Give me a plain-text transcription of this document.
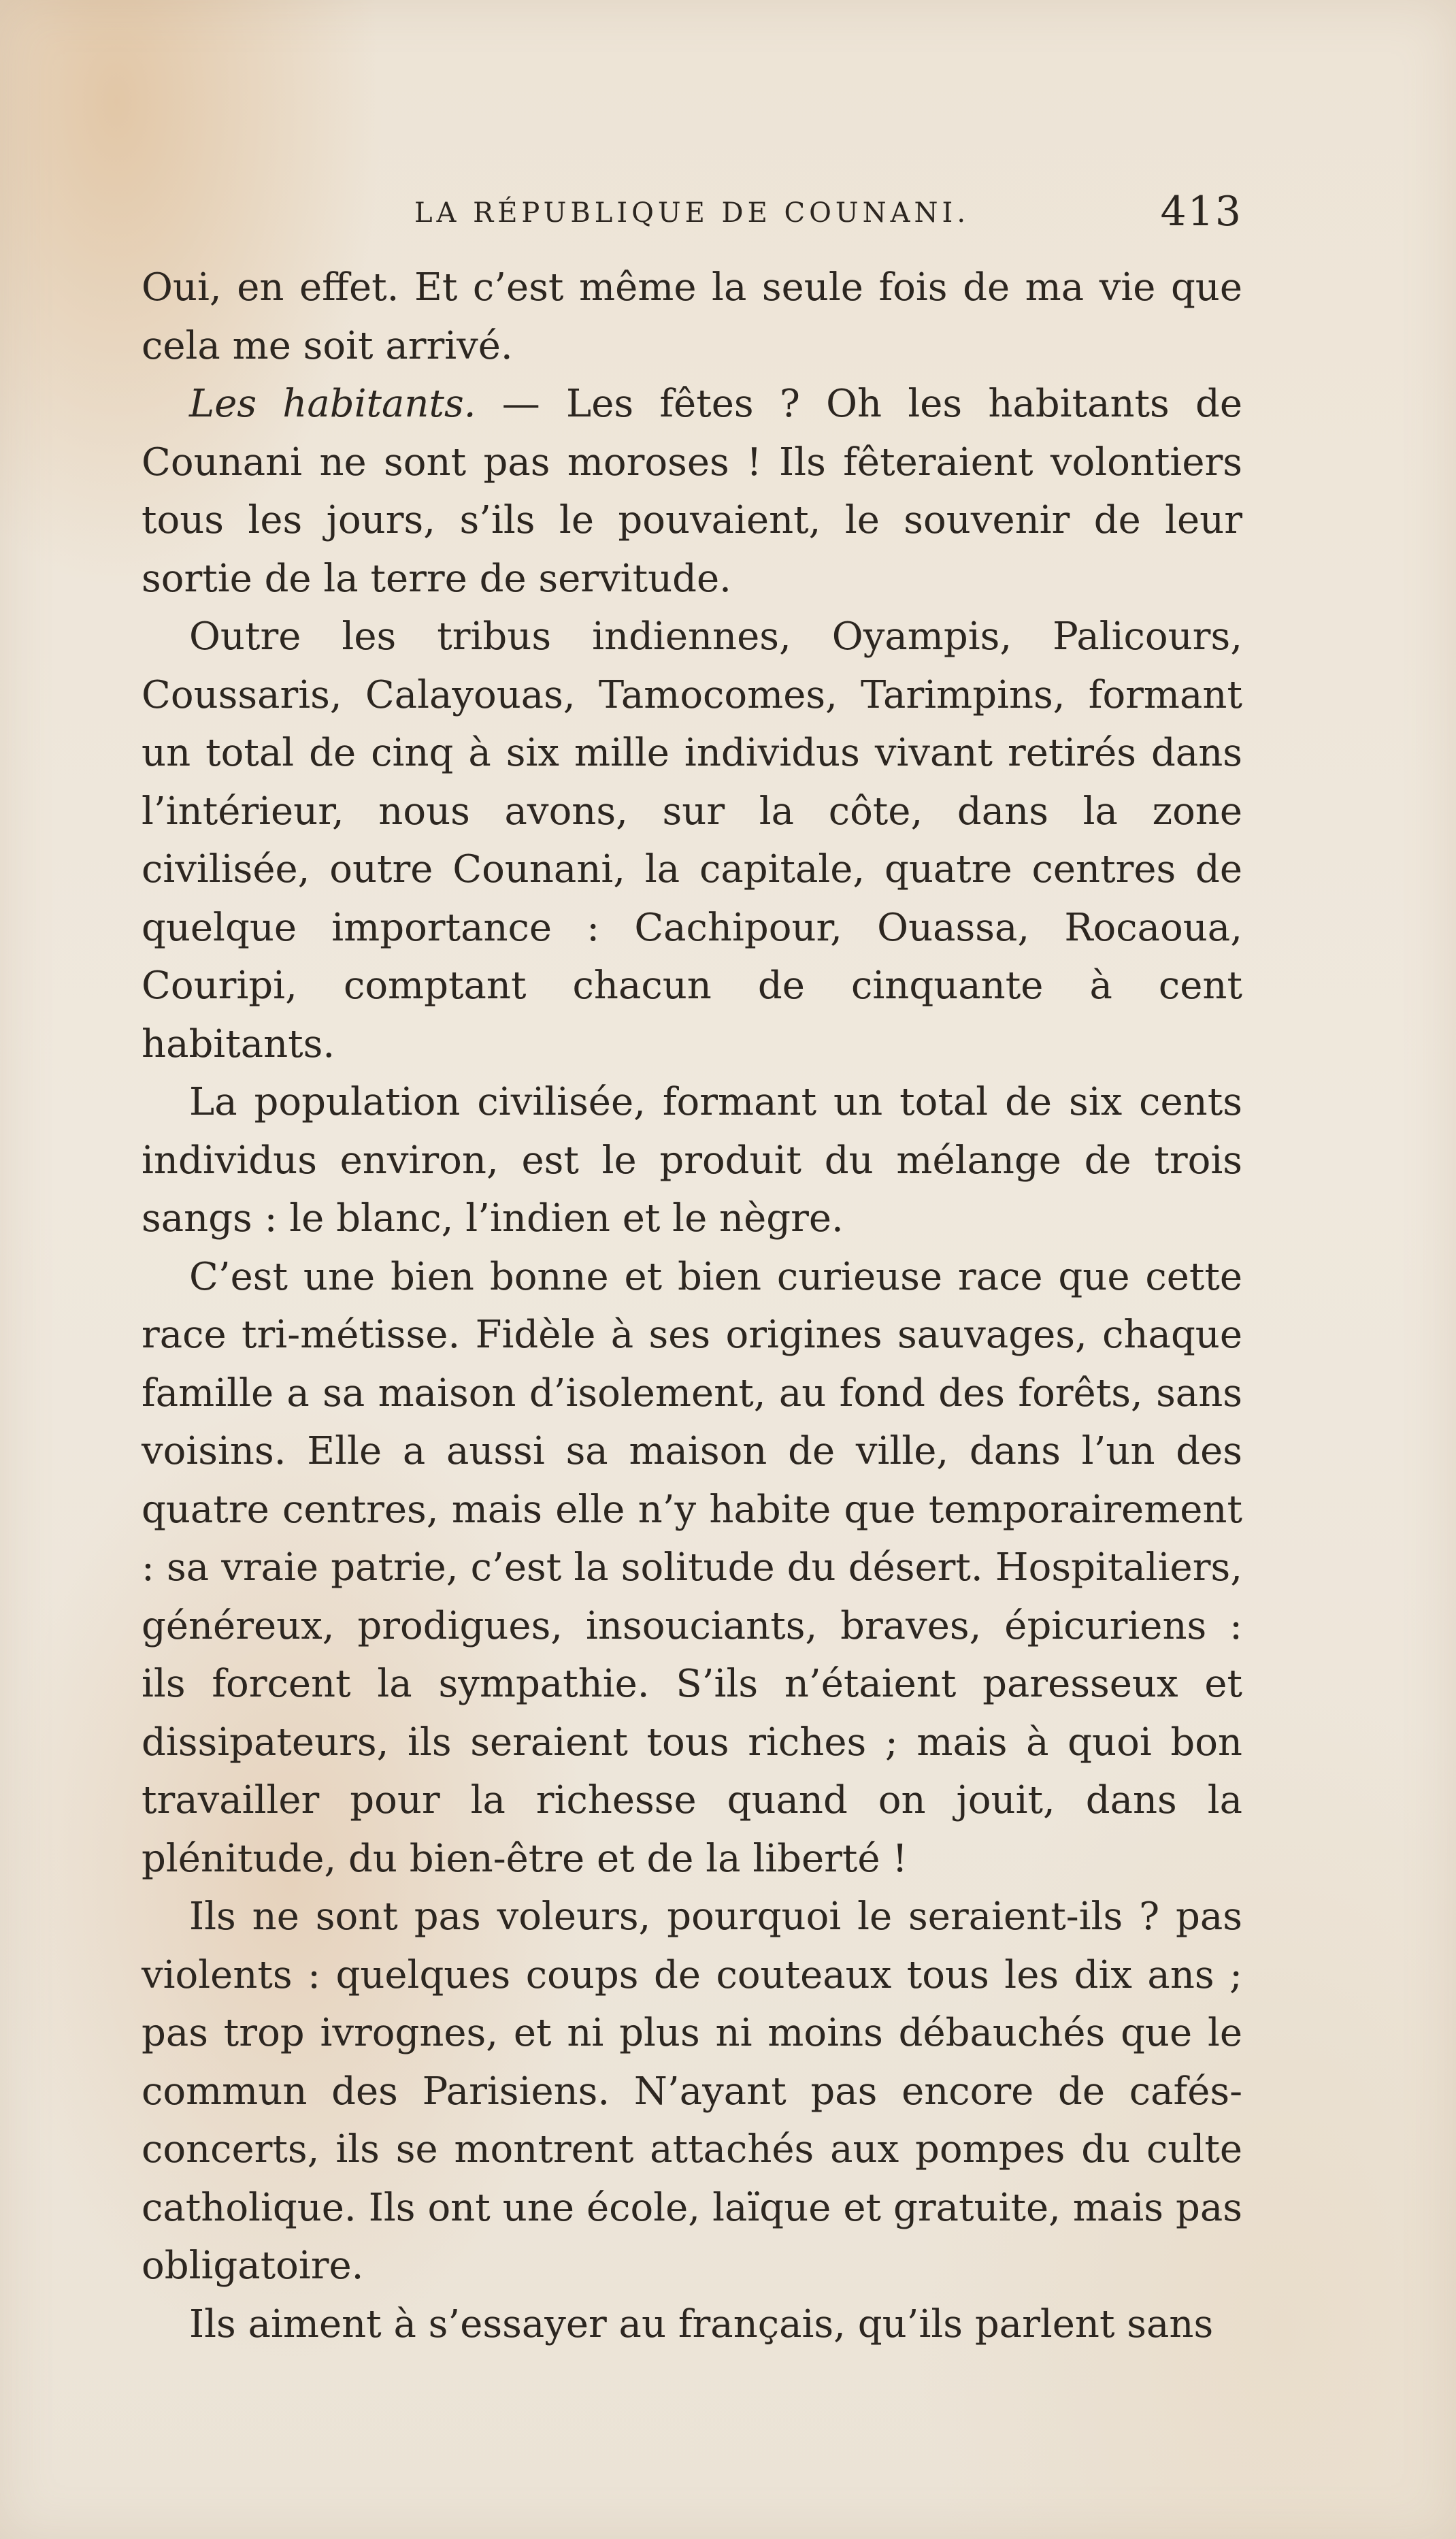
LA RÉPUBLIQUE DE COUNANI.	413

Oui, en effet. Et c’est même la seule fois de ma vie que cela me soit arrivé.

Les habitants. — Les fêtes ? Oh les habitants de Counani ne sont pas moroses ! Ils fêteraient volontiers tous les jours, s’ils le pouvaient, le souvenir de leur sortie de la terre de servitude.

Outre les tribus indiennes, Oyampis, Palicours, Coussaris, Calayouas, Tamocomes, Tarimpins, formant un total de cinq à six mille individus vivant retirés dans l’intérieur, nous avons, sur la côte, dans la zone civilisée, outre Counani, la capitale, quatre centres de quelque importance : Cachipour, Ouassa, Rocaoua, Couripi, comptant chacun de cinquante à cent habitants.

La population civilisée, formant un total de six cents individus environ, est le produit du mélange de trois sangs : le blanc, l’indien et le nègre.

C’est une bien bonne et bien curieuse race que cette race tri-métisse. Fidèle à ses origines sauvages, chaque famille a sa maison d’isolement, au fond des forêts, sans voisins. Elle a aussi sa maison de ville, dans l’un des quatre centres, mais elle n’y habite que temporairement : sa vraie patrie, c’est la solitude du désert. Hospitaliers, généreux, prodigues, insouciants, braves, épicuriens : ils forcent la sympathie. S’ils n’étaient paresseux et dissipateurs, ils seraient tous riches ; mais à quoi bon travailler pour la richesse quand on jouit, dans la plénitude, du bien-être et de la liberté !

Ils ne sont pas voleurs, pourquoi le seraient-ils ? pas violents : quelques coups de couteaux tous les dix ans ; pas trop ivrognes, et ni plus ni moins débauchés que le commun des Parisiens. N’ayant pas encore de cafés-concerts, ils se montrent attachés aux pompes du culte catholique. Ils ont une école, laïque et gratuite, mais pas obligatoire.

Ils aiment à s’essayer au français, qu’ils parlent sans
